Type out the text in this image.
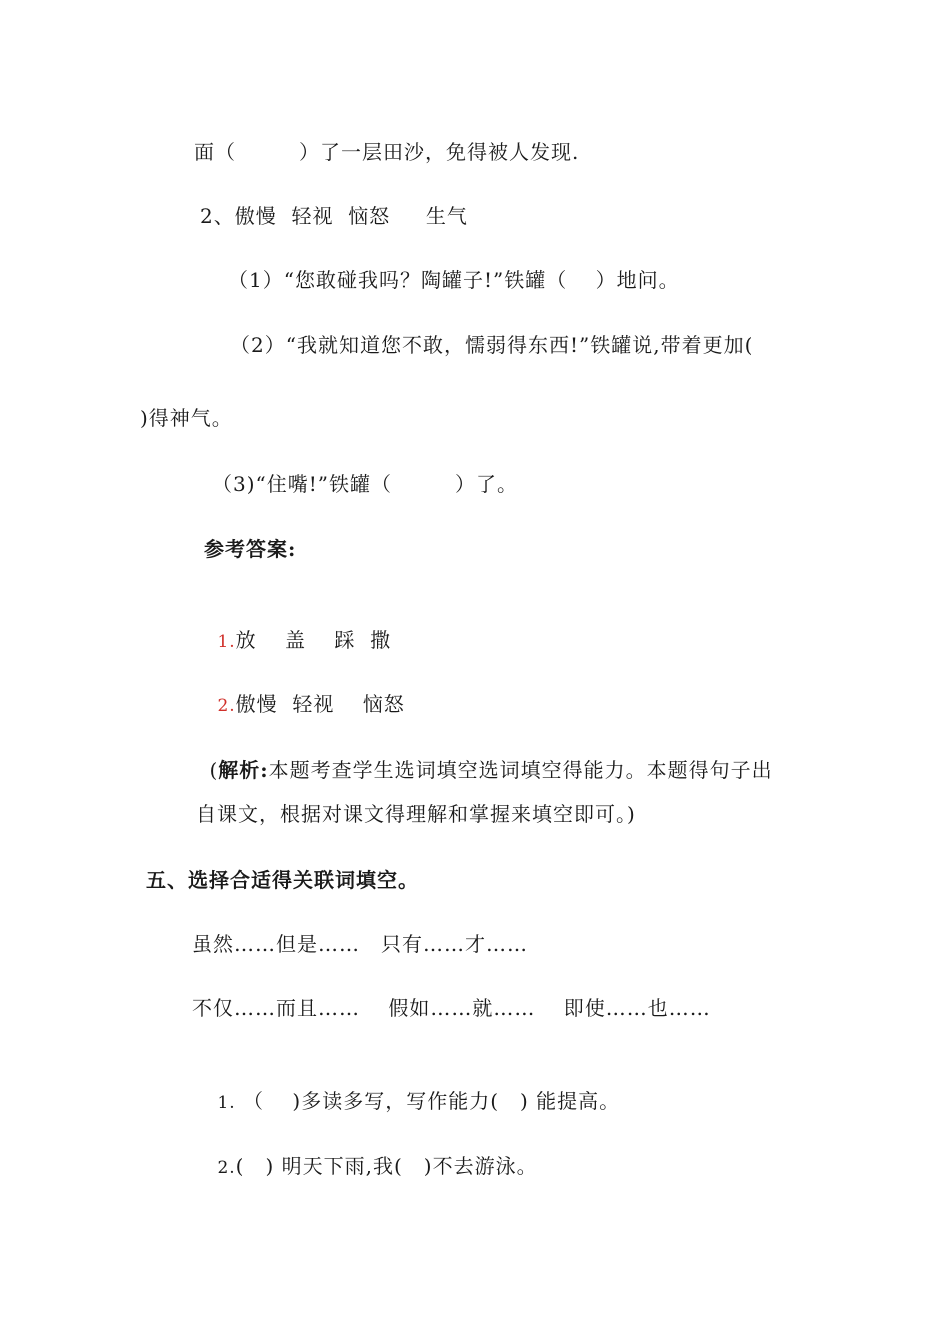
面（　　　）了一层田沙，免得被人发现.
2、傲慢  轻视  恼怒　  生气
（1）“您敢碰我吗？陶罐子!”铁罐（　 ）地问。
（2）“我就知道您不敢，懦弱得东西!”铁罐说,带着更加(
)得神气。
（3)“住嘴!”铁罐（　　　）了。
参考答案:

1.放　 盖　 踩  撒

2.傲慢  轻视　 恼怒

(解析:本题考查学生选词填空选词填空得能力。本题得句子出

自课文，根据对课文得理解和掌握来填空即可。)
五、选择合适得关联词填空。
虽然……但是……　只有……才……
不仅……而且……　 假如……就……　 即使……也……

1. （　 )多读多写，写作能力(　) 能提高。

2.(　) 明天下雨,我(　)不去游泳。
